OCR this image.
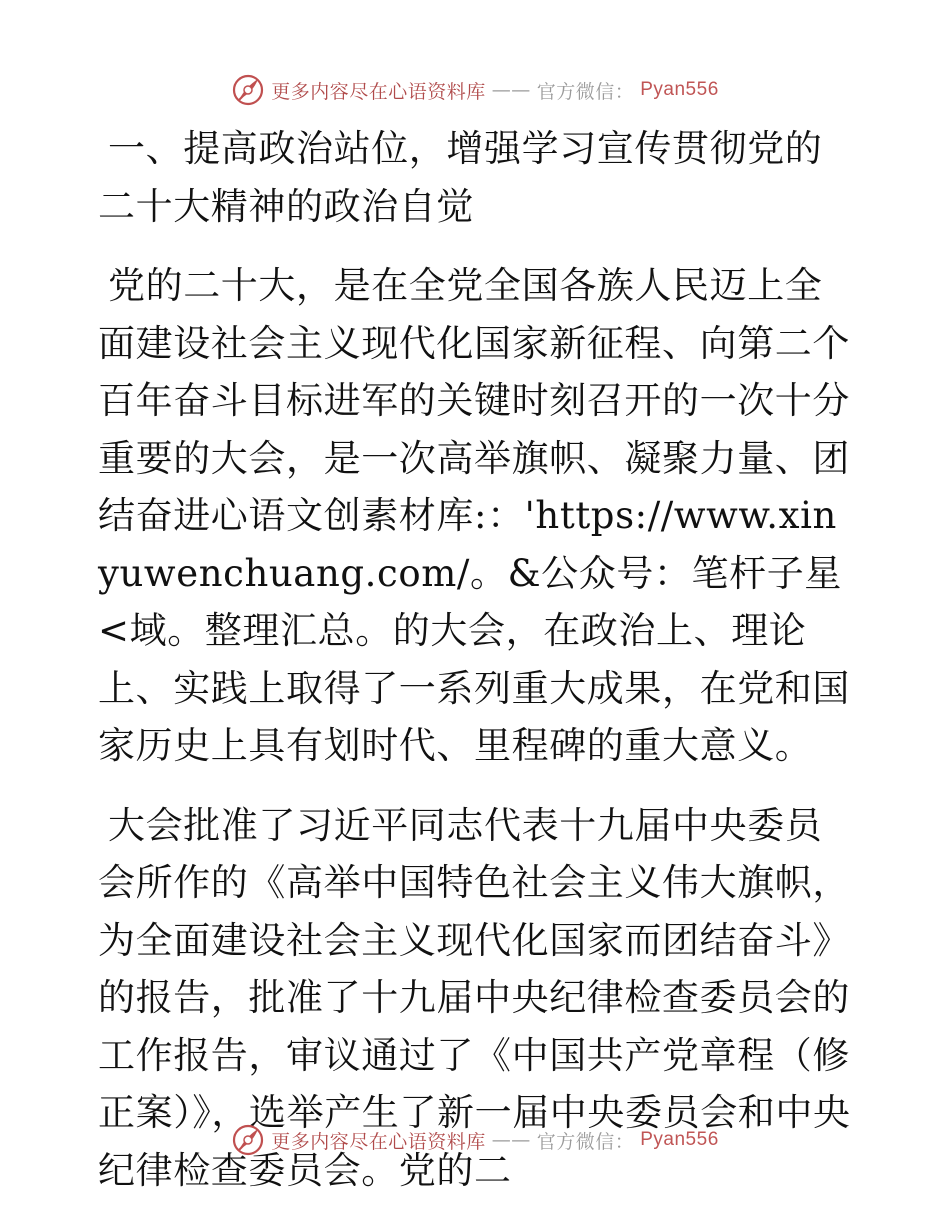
更多内容尽在心语资料库 —— 官方微信： Pyan556

一、提高政治站位，增强学习宣传贯彻党的二十大精神的政治自觉

党的二十大，是在全党全国各族人民迈上全面建设社会主义现代化国家新征程、向第二个百年奋斗目标进军的关键时刻召开的一次十分重要的大会，是一次高举旗帜、凝聚力量、团结奋进心语文创素材库:：'https://www.xinyuwenchuang.com/。&公众号：笔杆子星<域。整理汇总。的大会，在政治上、理论上、实践上取得了一系列重大成果，在党和国家历史上具有划时代、里程碑的重大意义。

大会批准了习近平同志代表十九届中央委员会所作的《高举中国特色社会主义伟大旗帜，为全面建设社会主义现代化国家而团结奋斗》的报告，批准了十九届中央纪律检查委员会的工作报告，审议通过了《中国共产党章程（修正案）》，选举产生了新一届中央委员会和中央纪律检查委员会。党的二

更多内容尽在心语资料库 —— 官方微信： Pyan556
